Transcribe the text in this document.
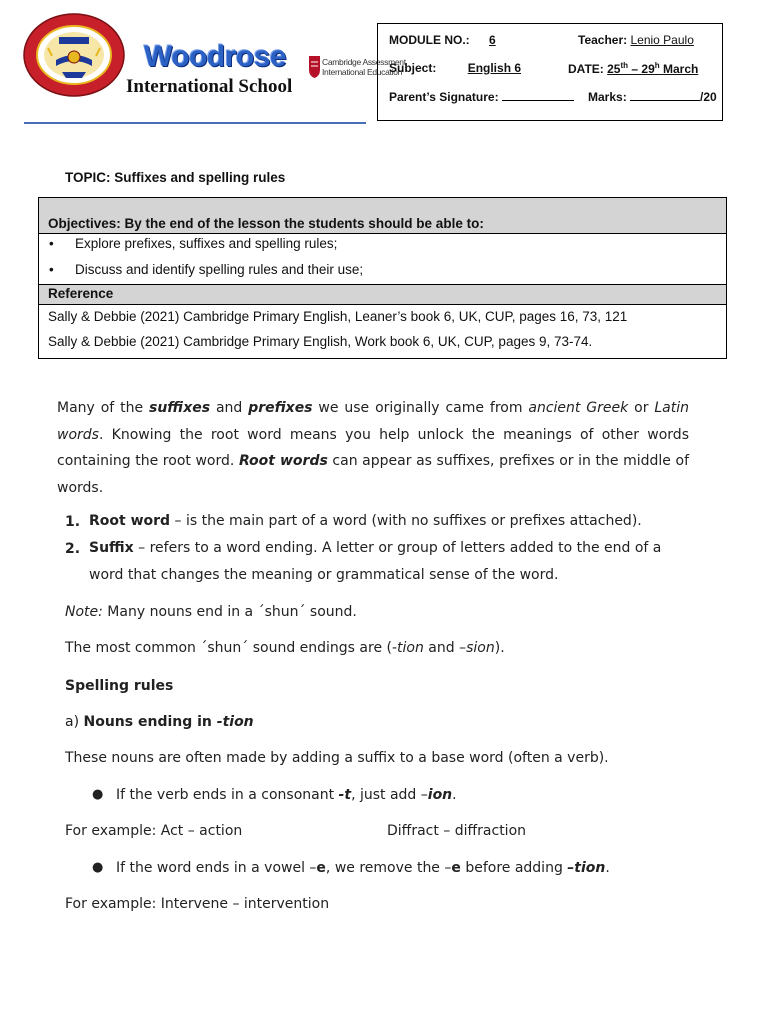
Woodrose
International School
Cambridge Assessment
International Education
MODULE NO.: 6	Teacher: Lenio Paulo
Subject:	English 6	DATE: 25th – 29$^h$ March
Parent’s Signature:	Marks:	/20
TOPIC: Suffixes and spelling rules
Objectives: By the end of the lesson the students should be able to:
• Explore prefixes, suffixes and spelling rules;
• Discuss and identify spelling rules and their use;
Reference
Sally & Debbie (2021) Cambridge Primary English, Leaner’s book 6, UK, CUP, pages 16, 73, 121
Sally & Debbie (2021) Cambridge Primary English, Work book 6, UK, CUP, pages 9, 73-74.

Many of the suffixes and prefixes we use originally came from ancient Greek or Latin words. Knowing the root word means you help unlock the meanings of other words containing the root word. Root words can appear as suffixes, prefixes or in the middle of words.

1. Root word – is the main part of a word (with no suffixes or prefixes attached).
2. Suffix – refers to a word ending. A letter or group of letters added to the end of a word that changes the meaning or grammatical sense of the word.
Note: Many nouns end in a ´shun´ sound.
The most common ´shun´ sound endings are (-tion and –sion).
Spelling rules
a) Nouns ending in -tion
These nouns are often made by adding a suffix to a base word (often a verb).
● If the verb ends in a consonant -t, just add –ion.
For example: Act – action	Diffract – diffraction
● If the word ends in a vowel –e, we remove the –e before adding –tion.
For example: Intervene – intervention
